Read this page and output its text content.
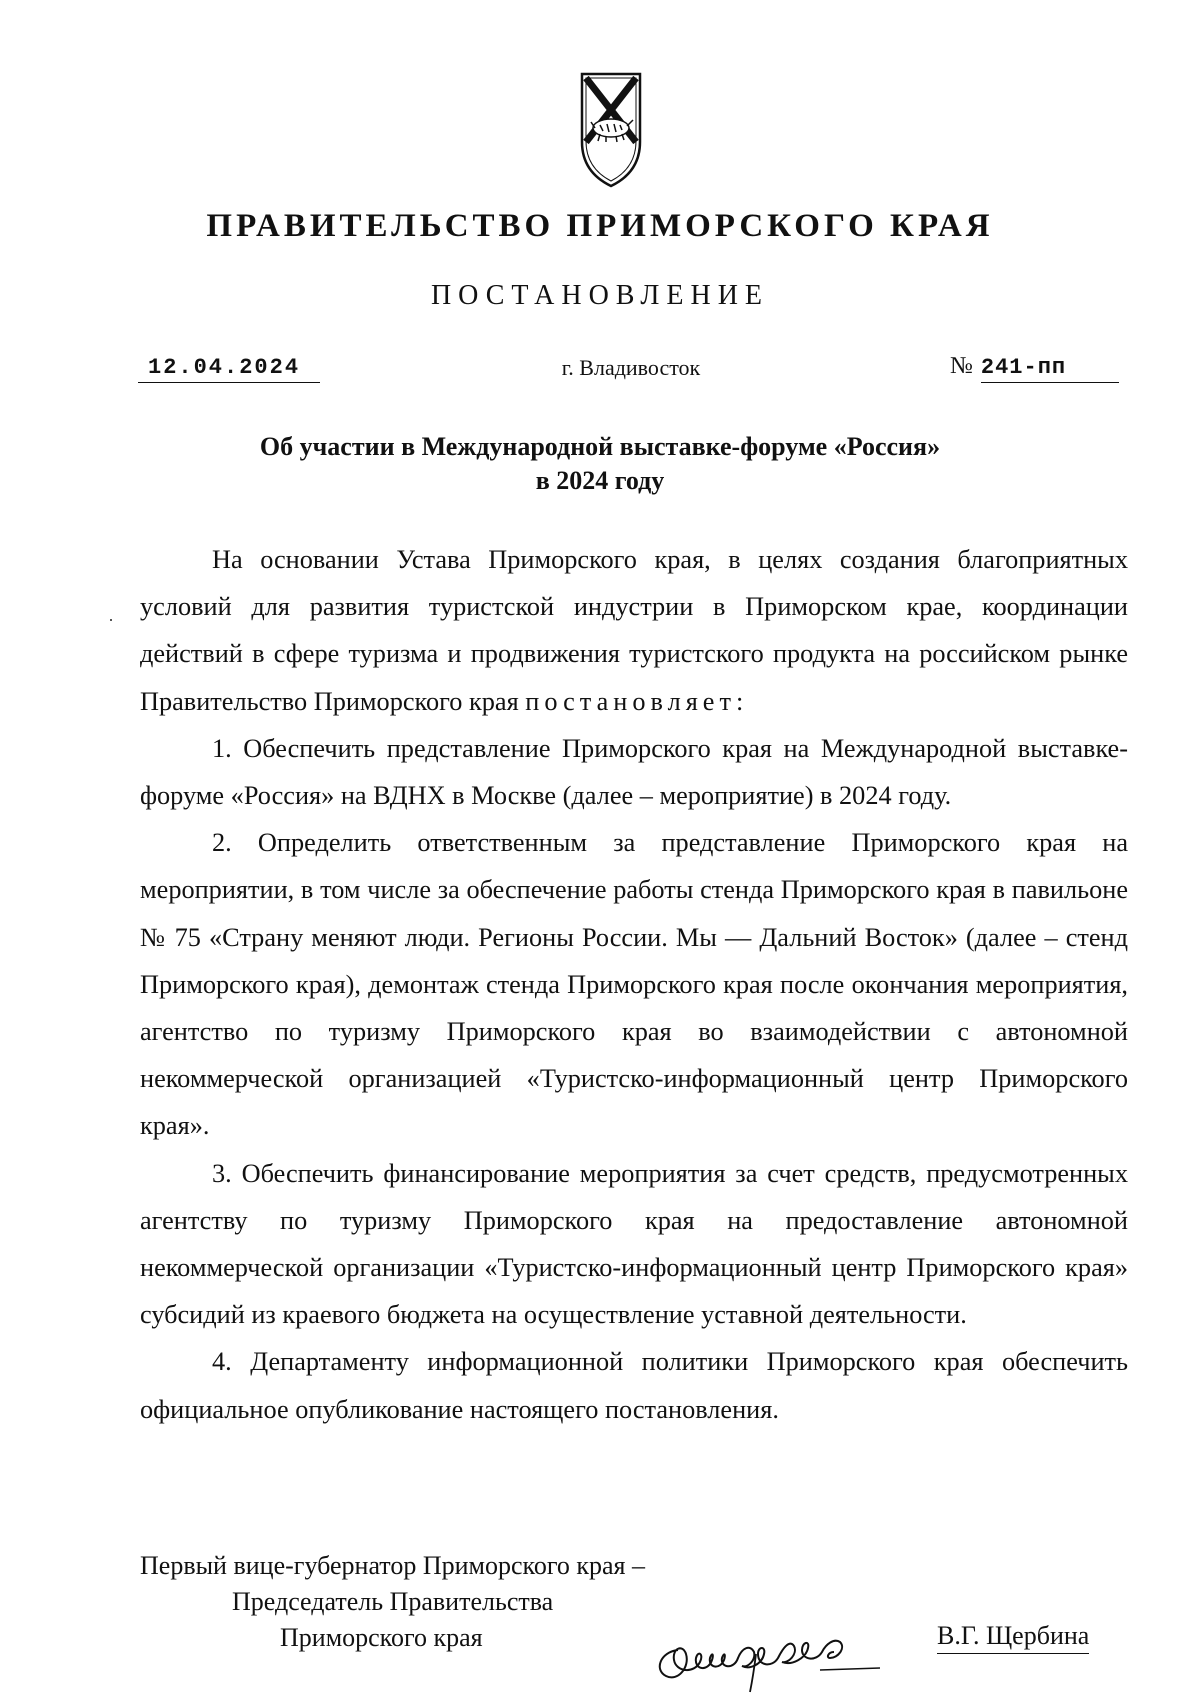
ПРАВИТЕЛЬСТВО ПРИМОРСКОГО КРАЯ
ПОСТАНОВЛЕНИЕ
12.04.2024	г. Владивосток	№ 241-пп
Об участии в Международной выставке-форуме «Россия»
в 2024 году

На основании Устава Приморского края, в целях создания благоприятных условий для развития туристской индустрии в Приморском крае, координации действий в сфере туризма и продвижения туристского продукта на российском рынке Правительство Приморского края постановляет:

1. Обеспечить представление Приморского края на Международной выставке-форуме «Россия» на ВДНХ в Москве (далее – мероприятие) в 2024 году.

2. Определить ответственным за представление Приморского края на мероприятии, в том числе за обеспечение работы стенда Приморского края в павильоне № 75 «Страну меняют люди. Регионы России. Мы — Дальний Восток» (далее – стенд Приморского края), демонтаж стенда Приморского края после окончания мероприятия, агентство по туризму Приморского края во взаимодействии с автономной некоммерческой организацией «Туристско-информационный центр Приморского края».

3. Обеспечить финансирование мероприятия за счет средств, предусмотренных агентству по туризму Приморского края на предоставление автономной некоммерческой организации «Туристско-информационный центр Приморского края» субсидий из краевого бюджета на осуществление уставной деятельности.

4. Департаменту информационной политики Приморского края обеспечить официальное опубликование настоящего постановления.

Первый вице-губернатор Приморского края –
Председатель Правительства
Приморского края	В.Г. Щербина
